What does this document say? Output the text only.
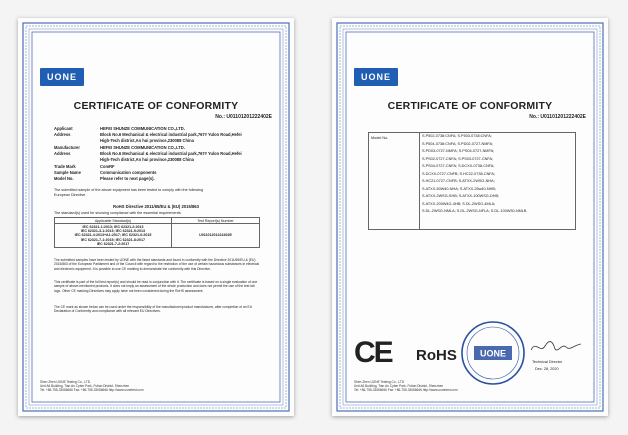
UONE
CERTIFICATE OF CONFORMITY
No.: U01101201222402E
Applicant	HEFEI SHUNZE COMMUNICATION CO.,LTD.
Address	Block No.6 Mechanical & electrical industrial park,767# Yulon Road,Hefei
High-Tech district,An hui province,230088 China
Manufacturer	HEFEI SHUNZE COMMUNICATION CO.,LTD.
Address	Block No.6 Mechanical & electrical industrial park,767# Yulon Road,Hefei
High-Tech district,An hui province,230088 China
Trade Mark	ComRF
Sample Name	Communication components
Model No.	Please refer to next page(s).
The submitted sample of the above equipment has been tested to comply with the following
European Directive
RoHS Directive 2011/65/EU & (EU) 2015/863
The standard(s) used for showing compliance with the essential requirements:
Applicable Standard(s)	Test Report(s) Number

IEC 62321-1:2013; IEC 62321-2:2013
IEC 62321-3-1:2013; IEC 62321-5:2013
IEC 62321-4:2013+A1:2017; IEC 62321-6:2015
IEC 62321-7-1:2015; IEC 62321-8:2017
IEC 62321-7-2:2017	U01101201222402E
The submitted samples have been tested by UONE with the listed standards and found in conformity with the Directive 2011/65/EU & (EU) 2015/863 of the European Parliament and of the Council with regard to the restriction of the use of certain hazardous substances in electrical and electronic equipment. It is possible to use CE marking to demonstrate the conformity with this Directive.
This certificate is part of the full test report(s) and should be read in conjunction with it. The certificate is based on a single evaluation of one sample of above-mentioned products. It does not imply an assessment of the whole production and does not permit the use of the test lab logo. Other CE marking Directives may apply have not been considered during the RoHS assessment.
The CE mark as shown below can be used under the responsibility of the manufacturer/product manufacturer, after completion of an EU Declaration of Conformity and compliance with all relevant EU Directives.
Shen Zhen UONE Testing Co., LTD
Unit A6 Building, Tian An Cyber Park, Futian District, Shenzhen
Tel: +86-755-33066666 Fax: +86-755-33066666 http://www.uonetest.com
UONE
CERTIFICATE OF CONFORMITY
No.: U01101201222402E
Model No.	S.P502-0738:CNFA; S.P503-0738:CNFA;
S.P504-0738:CNFA; S.PD02-0727-NMFA;
S.PD03-0727-NMFA; S.PS04-0727-NMFA;
S.PS02-0727-CNFA; S.PS03-0727-CNFA;
S.PS04-0727-CNFA; S.DCXX-0738-CNFA;
S.DCXX-0727-CNFB; S.HC22-0738-CNFA;
S.HC21-0727-CNFB; S.ATXX-2WSG-NHA;
S.ATXX-50W40-NHA; S.ATXX-25w40-NHB;
S.ATXX-2WSG-SHB; S.ATXX-100WSG-DHB;
S.ATXX-200W4G-4HB; S.DL-2WSG-4MLA;
S.DL-2WSG-NMLA; S.DL-2WSG-NFLA; S.DL-100W30-NMLB
CE RoHS	UONE
Technical Director
Dec. 28, 2020
Shen Zhen UONE Testing Co., LTD
Unit A6 Building, Tian An Cyber Park, Futian District, Shenzhen
Tel: +86-755-33066666 Fax: +86-755-33066666 http://www.uonetest.com
